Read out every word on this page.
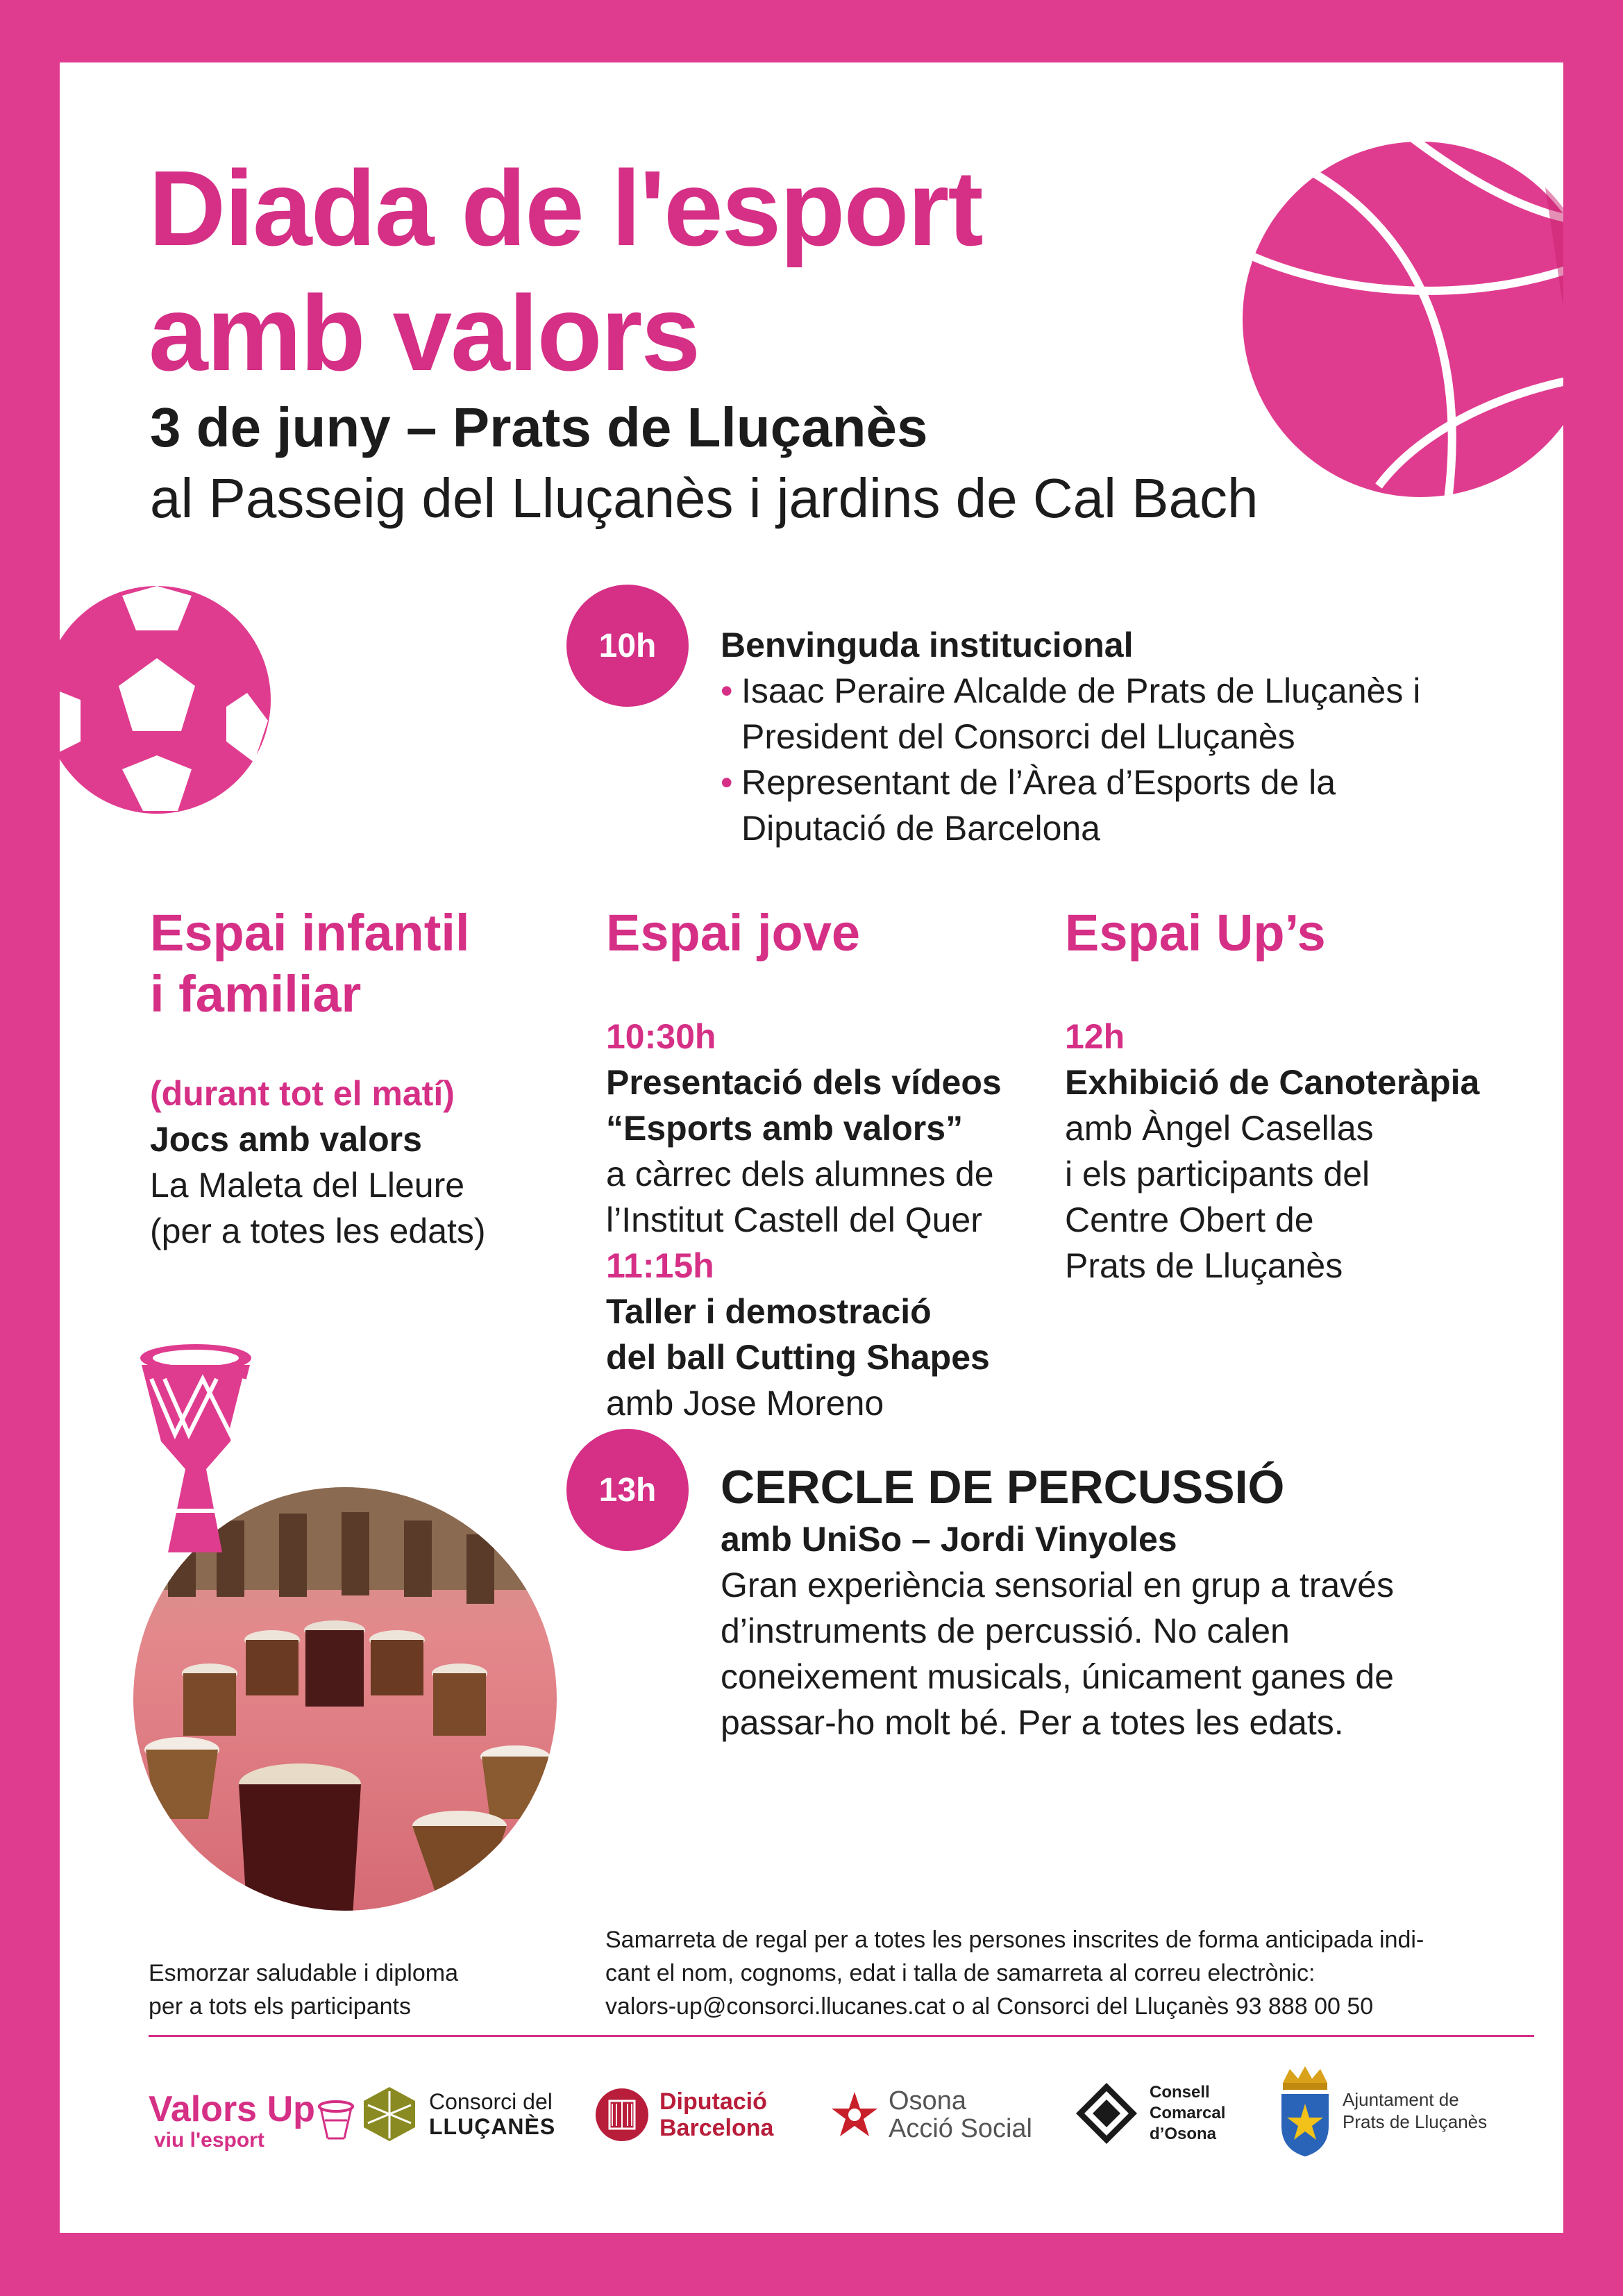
Diada de l'esport
amb valors
3 de juny – Prats de Lluçanès
al Passeig del Lluçanès i jardins de Cal Bach
10h	Benvinguda institucional
• Isaac Peraire Alcalde de Prats de Lluçanès i
President del Consorci del Lluçanès
• Representant de l’Àrea d’Esports de la
Diputació de Barcelona
Espai infantil
i familiar
(durant tot el matí)
Jocs amb valors
La Maleta del Lleure
(per a totes les edats)
Espai jove
10:30h
Presentació dels vídeos
“Esports amb valors”
a càrrec dels alumnes de
l’Institut Castell del Quer
11:15h
Taller i demostració
del ball Cutting Shapes
amb Jose Moreno
Espai Up’s
12h
Exhibició de Canoteràpia
amb Àngel Casellas
i els participants del
Centre Obert de
Prats de Lluçanès
13h	CERCLE DE PERCUSSIÓ
amb UniSo – Jordi Vinyoles
Gran experiència sensorial en grup a través
d’instruments de percussió. No calen
coneixement musicals, únicament ganes de
passar-ho molt bé. Per a totes les edats.
Esmorzar saludable i diploma
per a tots els participants
Samarreta de regal per a totes les persones inscrites de forma anticipada indi-
cant el nom, cognoms, edat i talla de samarreta al correu electrònic:
valors-up@consorci.llucanes.cat o al Consorci del Lluçanès 93 888 00 50
Valors Up
viu l'esport
Consorci del
LLUÇANÈS
Diputació
Barcelona
Osona
Acció Social
Consell
Comarcal
d’Osona
Ajuntament de
Prats de Lluçanès
